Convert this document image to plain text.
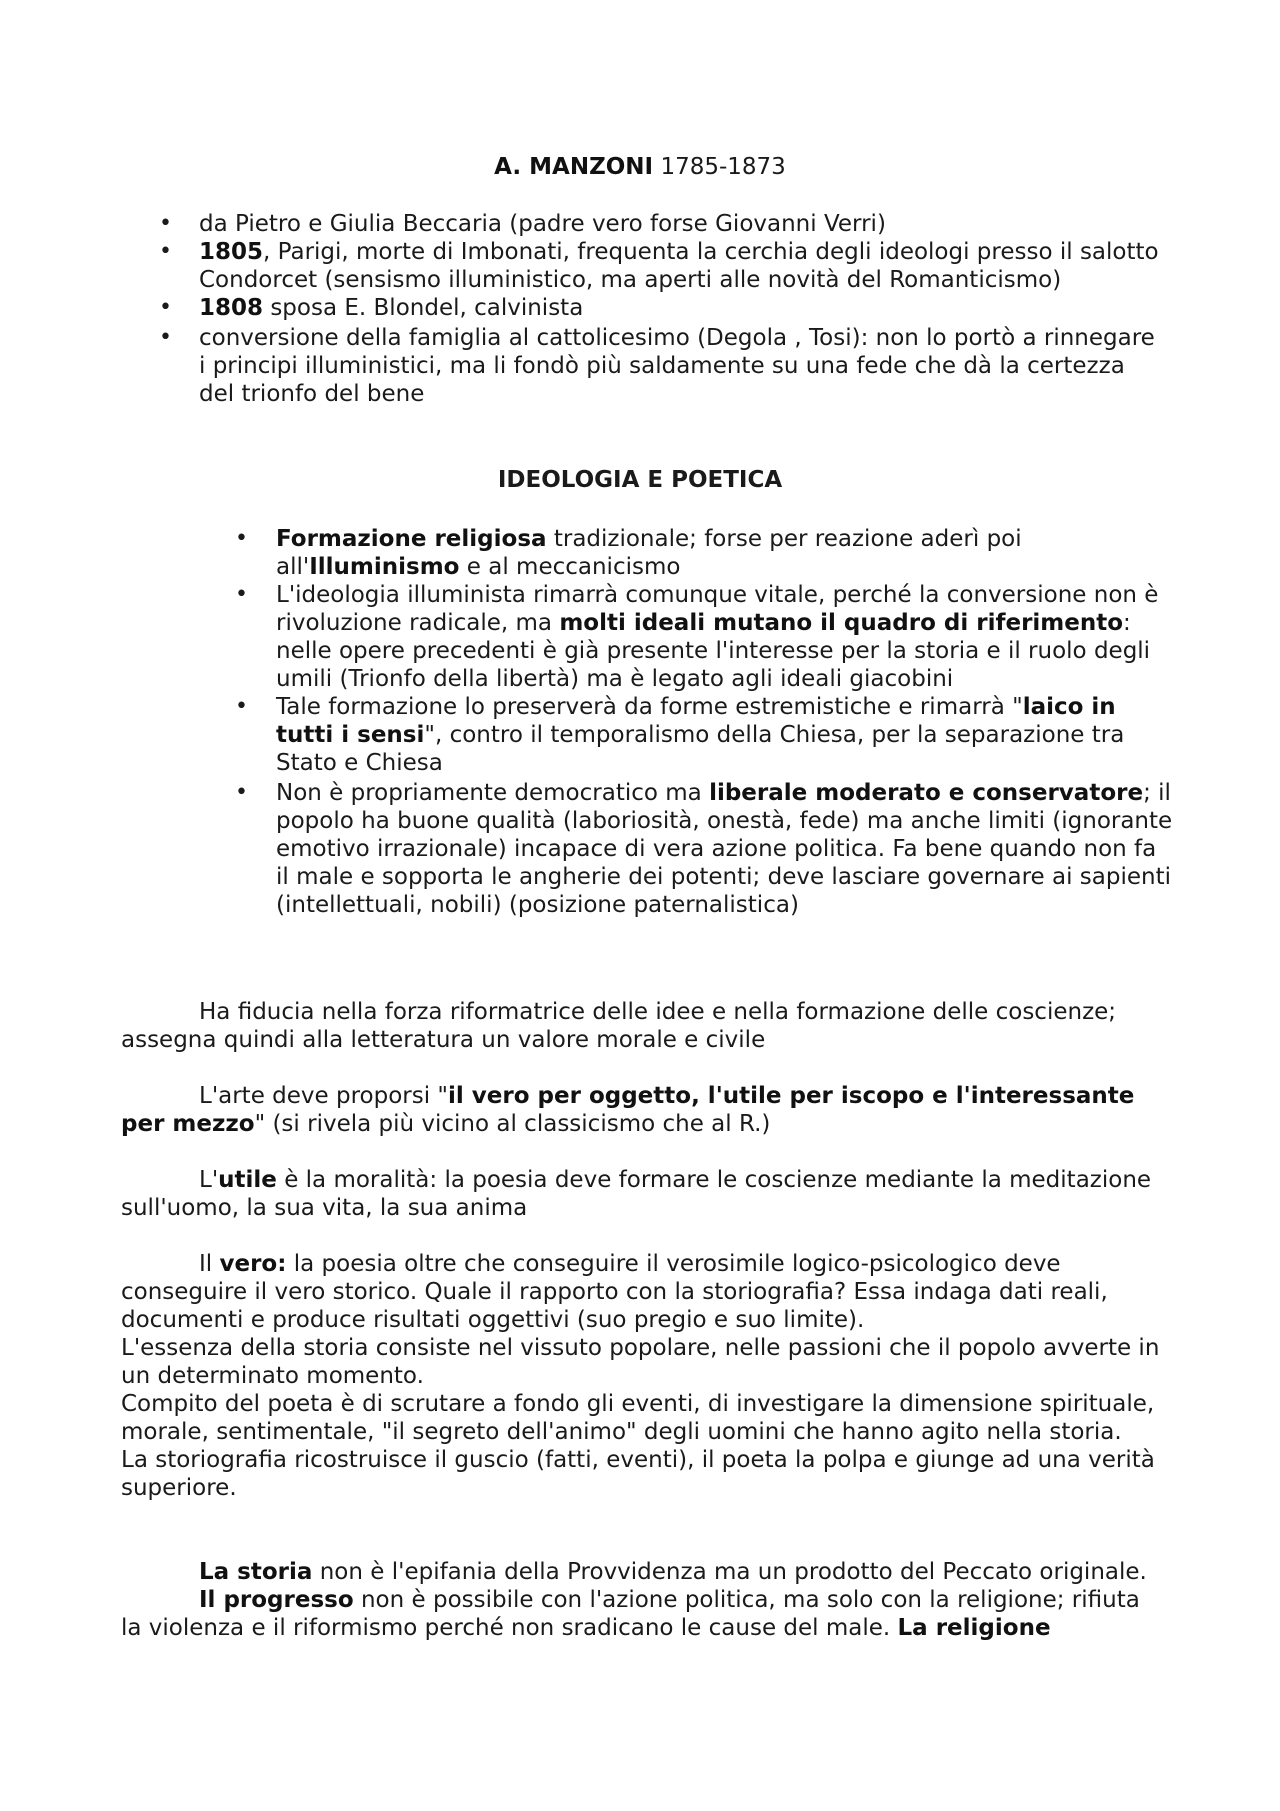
A. MANZONI 1785-1873
• da Pietro e Giulia Beccaria (padre vero forse Giovanni Verri)
• 1805, Parigi, morte di Imbonati, frequenta la cerchia degli ideologi presso il salotto Condorcet (sensismo illuministico, ma aperti alle novità del Romanticismo)
• 1808 sposa E. Blondel, calvinista
• conversione della famiglia al cattolicesimo (Degola , Tosi): non lo portò a rinnegare i principi illuministici, ma li fondò più saldamente su una fede che dà la certezza del trionfo del bene
IDEOLOGIA E POETICA
• Formazione religiosa tradizionale; forse per reazione aderì poi all'Illuminismo e al meccanicismo
• L'ideologia illuminista rimarrà comunque vitale, perché la conversione non è rivoluzione radicale, ma molti ideali mutano il quadro di riferimento: nelle opere precedenti è già presente l'interesse per la storia e il ruolo degli umili (Trionfo della libertà) ma è legato agli ideali giacobini
• Tale formazione lo preserverà da forme estremistiche e rimarrà "laico in tutti i sensi", contro il temporalismo della Chiesa, per la separazione tra Stato e Chiesa
• Non è propriamente democratico ma liberale moderato e conservatore; il popolo ha buone qualità (laboriosità, onestà, fede) ma anche limiti (ignorante emotivo irrazionale) incapace di vera azione politica. Fa bene quando non fa il male e sopporta le angherie dei potenti; deve lasciare governare ai sapienti (intellettuali, nobili) (posizione paternalistica)

Ha fiducia nella forza riformatrice delle idee e nella formazione delle coscienze; assegna quindi alla letteratura un valore morale e civile

L'arte deve proporsi "il vero per oggetto, l'utile per iscopo e l'interessante per mezzo" (si rivela più vicino al classicismo che al R.)

L'utile è la moralità: la poesia deve formare le coscienze mediante la meditazione sull'uomo, la sua vita, la sua anima

Il vero: la poesia oltre che conseguire il verosimile logico-psicologico deve conseguire il vero storico. Quale il rapporto con la storiografia? Essa indaga dati reali, documenti e produce risultati oggettivi (suo pregio e suo limite).
L'essenza della storia consiste nel vissuto popolare, nelle passioni che il popolo avverte in un determinato momento.
Compito del poeta è di scrutare a fondo gli eventi, di investigare la dimensione spirituale, morale, sentimentale, "il segreto dell'animo" degli uomini che hanno agito nella storia.
La storiografia ricostruisce il guscio (fatti, eventi), il poeta la polpa e giunge ad una verità superiore.

La storia non è l'epifania della Provvidenza ma un prodotto del Peccato originale.
Il progresso non è possibile con l'azione politica, ma solo con la religione; rifiuta la violenza e il riformismo perché non sradicano le cause del male. La religione
